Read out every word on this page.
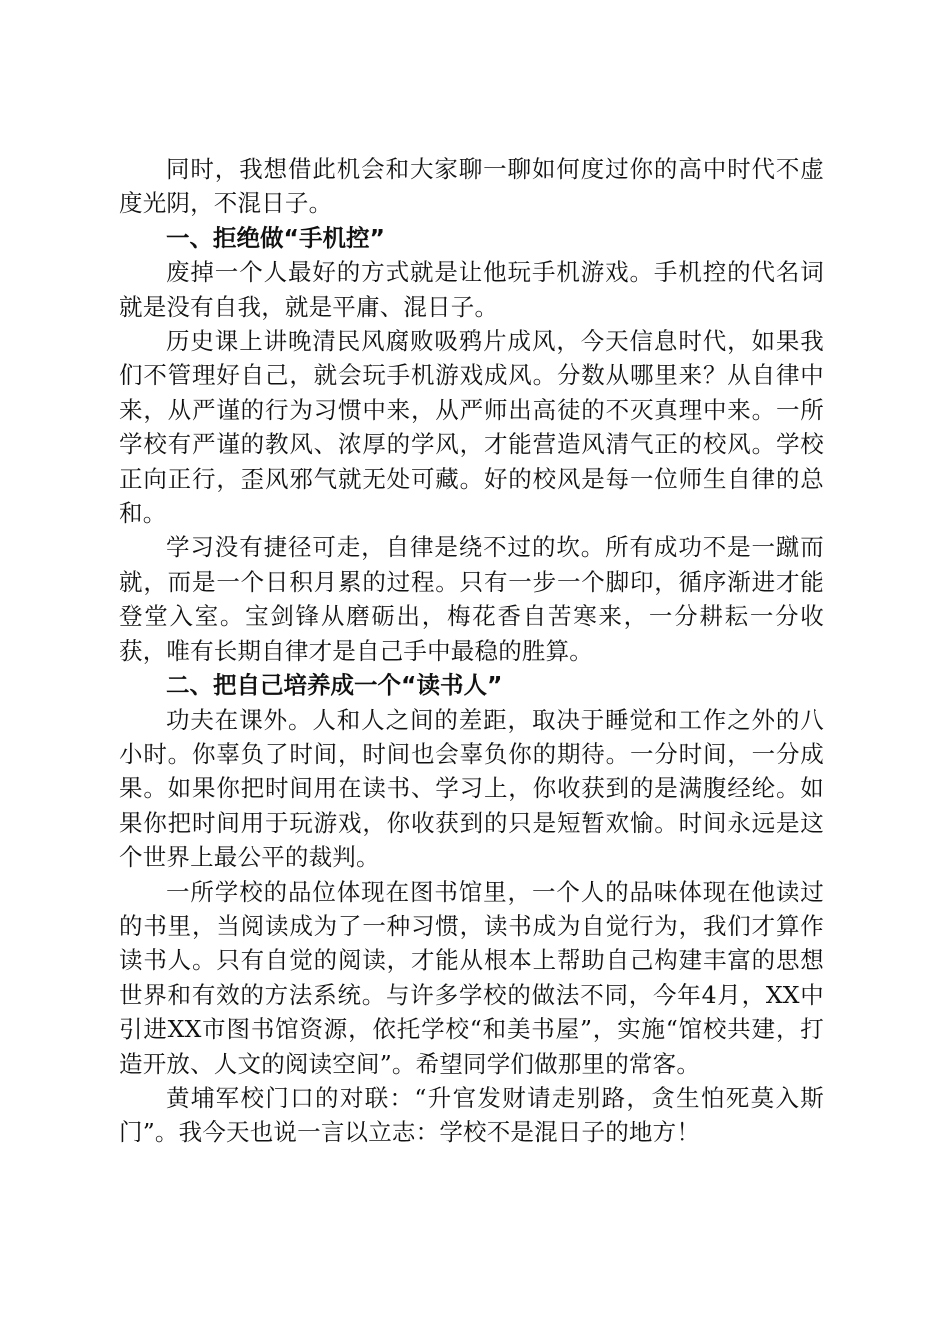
同时，我想借此机会和大家聊一聊如何度过你的高中时代不虚度光阴，不混日子。

一、拒绝做“手机控”

废掉一个人最好的方式就是让他玩手机游戏。手机控的代名词就是没有自我，就是平庸、混日子。

历史课上讲晚清民风腐败吸鸦片成风，今天信息时代，如果我们不管理好自己，就会玩手机游戏成风。分数从哪里来？从自律中来，从严谨的行为习惯中来，从严师出高徒的不灭真理中来。一所学校有严谨的教风、浓厚的学风，才能营造风清气正的校风。学校正向正行，歪风邪气就无处可藏。好的校风是每一位师生自律的总和。

学习没有捷径可走，自律是绕不过的坎。所有成功不是一蹴而就，而是一个日积月累的过程。只有一步一个脚印，循序渐进才能登堂入室。宝剑锋从磨砺出，梅花香自苦寒来，一分耕耘一分收获，唯有长期自律才是自己手中最稳的胜算。

二、把自己培养成一个“读书人”

功夫在课外。人和人之间的差距，取决于睡觉和工作之外的八小时。你辜负了时间，时间也会辜负你的期待。一分时间，一分成果。如果你把时间用在读书、学习上，你收获到的是满腹经纶。如果你把时间用于玩游戏，你收获到的只是短暂欢愉。时间永远是这个世界上最公平的裁判。

一所学校的品位体现在图书馆里，一个人的品味体现在他读过的书里，当阅读成为了一种习惯，读书成为自觉行为，我们才算作读书人。只有自觉的阅读，才能从根本上帮助自己构建丰富的思想世界和有效的方法系统。与许多学校的做法不同，今年4月，XX中引进XX市图书馆资源，依托学校“和美书屋”，实施“馆校共建，打造开放、人文的阅读空间”。希望同学们做那里的常客。

黄埔军校门口的对联：“升官发财请走别路，贪生怕死莫入斯门”。我今天也说一言以立志：学校不是混日子的地方！
